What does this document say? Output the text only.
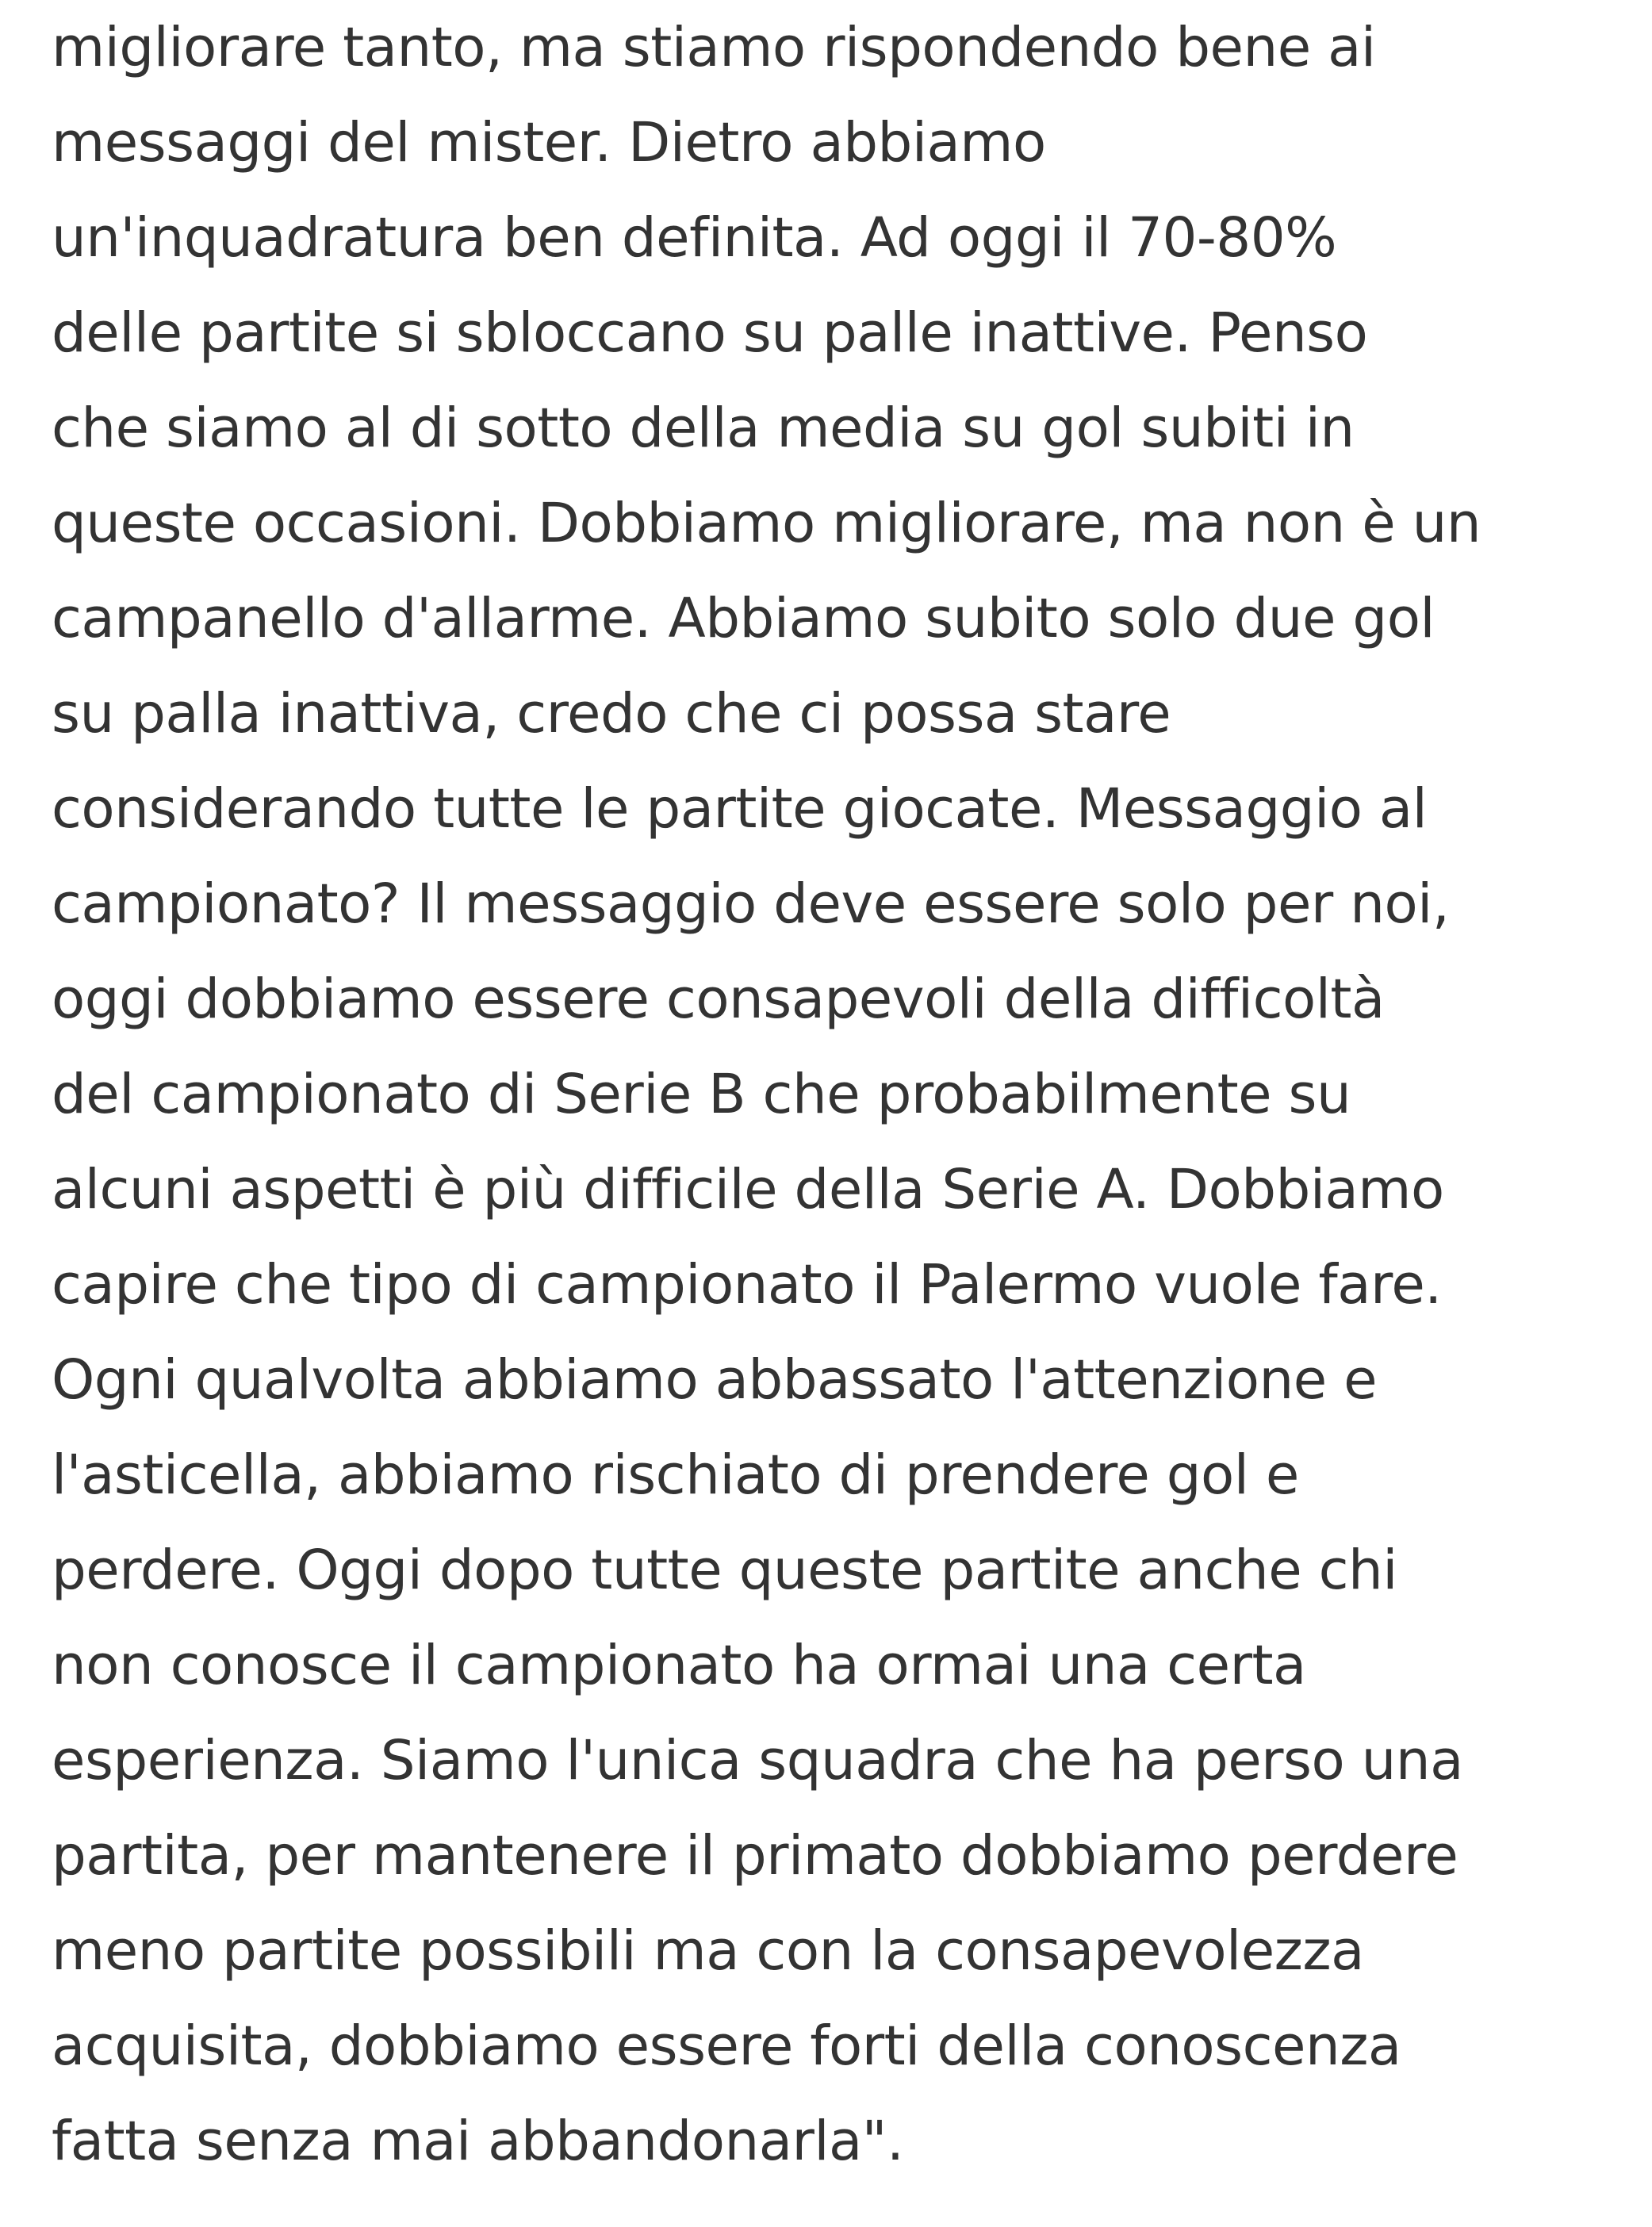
migliorare tanto, ma stiamo rispondendo bene ai
messaggi del mister. Dietro abbiamo
un'inquadratura ben definita. Ad oggi il 70-80%
delle partite si sbloccano su palle inattive. Penso
che siamo al di sotto della media su gol subiti in
queste occasioni. Dobbiamo migliorare, ma non è un
campanello d'allarme. Abbiamo subito solo due gol
su palla inattiva, credo che ci possa stare
considerando tutte le partite giocate. Messaggio al
campionato? Il messaggio deve essere solo per noi,
oggi dobbiamo essere consapevoli della difficoltà
del campionato di Serie B che probabilmente su
alcuni aspetti è più difficile della Serie A. Dobbiamo
capire che tipo di campionato il Palermo vuole fare.
Ogni qualvolta abbiamo abbassato l'attenzione e
l'asticella, abbiamo rischiato di prendere gol e
perdere. Oggi dopo tutte queste partite anche chi
non conosce il campionato ha ormai una certa
esperienza. Siamo l'unica squadra che ha perso una
partita, per mantenere il primato dobbiamo perdere
meno partite possibili ma con la consapevolezza
acquisita, dobbiamo essere forti della conoscenza
fatta senza mai abbandonarla".
